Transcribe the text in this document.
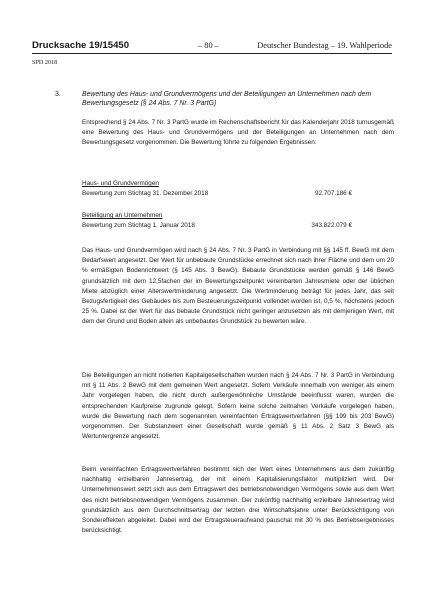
Drucksache 19/15450	– 80 –	Deutscher Bundestag – 19. Wahlperiode
SPD 2018
3.	Bewertung des Haus- und Grundvermögens und der Beteiligungen an Unternehmen nach dem Bewertungsgesetz (§ 24 Abs. 7 Nr. 3 PartG)

Entsprechend § 24 Abs. 7 Nr. 3 PartG wurde im Rechenschaftsbericht für das Kalenderjahr 2018 turnusgemäß eine Bewertung des Haus- und Grundvermögens und der Beteiligungen an Unternehmen nach dem Bewertungsgesetz vorgenommen. Die Bewertung führte zu folgenden Ergebnissen:

Haus- und Grundvermögen
Bewertung zum Stichtag 31. Dezember 2018	92.707.186 €
Beteiligung an Unternehmen
Bewertung zum Stichtag 1. Januar 2018	343.822.079 €

Das Haus- und Grundvermögen wird nach § 24 Abs. 7 Nr. 3 PartG in Verbindung mit §§ 145 ff. BewG mit dem Bedarfswert angesetzt. Der Wert für unbebaute Grundstücke errechnet sich nach ihrer Fläche und dem um 20 % ermäßigten Bodenrichtwert (§ 145 Abs. 3 BewG). Bebaute Grundstücke werden gemäß § 146 BewG grundsätzlich mit dem 12,5fachen der im Bewertungszeitpunkt vereinbarten Jahresmiete oder der üblichen Miete abzüglich einer Alterswertminderung angesetzt. Die Wertminderung beträgt für jedes Jahr, das seit Bezugsfertigkeit des Gebäudes bis zum Besteuerungszeitpunkt vollendet worden ist, 0,5 %, höchstens jedoch 25 %. Dabei ist der Wert für das bebaute Grundstück nicht geringer anzusetzen als mit demjenigen Wert, mit dem der Grund und Boden allein als unbebautes Grundstück zu bewerten wäre.

Die Beteiligungen an nicht notierten Kapitalgesellschaften wurden nach § 24 Abs. 7 Nr. 3 PartG in Verbindung mit § 11 Abs. 2 BewG mit dem gemeinen Wert angesetzt. Sofern Verkäufe innerhalb von weniger als einem Jahr vorgelegen haben, die nicht durch außergewöhnliche Umstände beeinflusst waren, wurden die entsprechenden Kaufpreise zugrunde gelegt. Sofern keine solche zeitnahen Verkäufe vorgelegen haben, wurde die Bewertung nach dem sogenannten vereinfachten Ertragswertverfahren (§§ 199 bis 203 BewG) vorgenommen. Der Substanzwert einer Gesellschaft wurde gemäß § 11 Abs. 2 Satz 3 BewG als Wertuntergrenze angesetzt.

Beim vereinfachten Ertragswertverfahren bestimmt sich der Wert eines Unternehmens aus dem zukünftig nachhaltig erzielbaren Jahresertrag, der mit einem Kapitalisierungsfaktor multipliziert wird. Der Unternehmenswert setzt sich aus dem Ertragswert des betriebsnotwendigen Vermögens sowie aus dem Wert des nicht betriebsnotwendigen Vermögens zusammen. Der zukünftig nachhaltig erzielbare Jahresertrag wird grundsätzlich aus dem Durchschnittsertrag der letzten drei Wirtschaftsjahre unter Berücksichtigung von Sondereffekten abgeleitet. Dabei wird der Ertragsteueraufwand pauschal mit 30 % des Betriebsergebnisses berücksichtigt.
